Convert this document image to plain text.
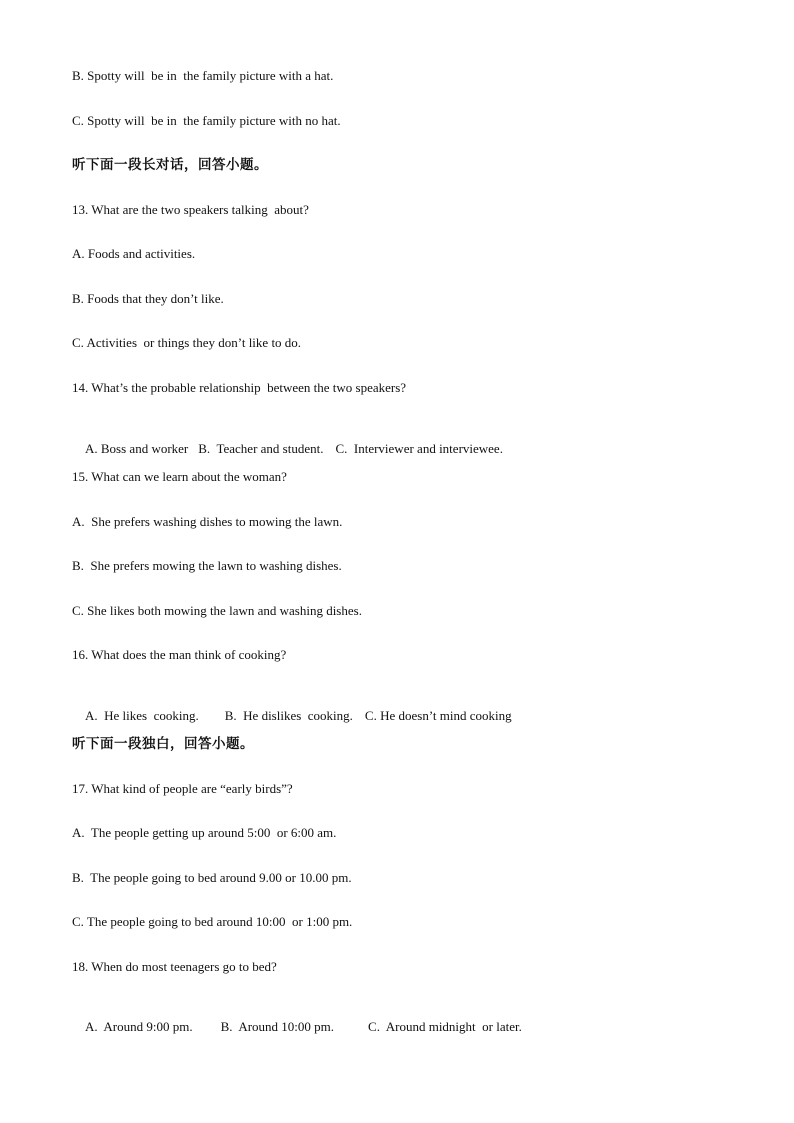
B. Spotty will  be in  the family picture with a hat.
C. Spotty will  be in  the family picture with no hat.
听下面一段长对话，回答小题。
13. What are the two speakers talking  about?
A. Foods and activities.
B. Foods that they don’t like.
C. Activities  or things they don’t like to do.
14. What’s the probable relationship  between the two speakers?

A. Boss and worker B.  Teacher and student. C.  Interviewer and interviewee.

15. What can we learn about the woman?
A.  She prefers washing dishes to mowing the lawn.
B.  She prefers mowing the lawn to washing dishes.
C. She likes both mowing the lawn and washing dishes.
16. What does the man think of cooking?

A.  He likes  cooking. B.  He dislikes  cooking. C. He doesn’t mind cooking

听下面一段独白，回答小题。
17. What kind of people are “early birds”?
A.  The people getting up around 5:00  or 6:00 am.
B.  The people going to bed around 9.00 or 10.00 pm.
C. The people going to bed around 10:00  or 1:00 pm.
18. When do most teenagers go to bed?

A.  Around 9:00 pm. B.  Around 10:00 pm.	C.  Around midnight  or later.
